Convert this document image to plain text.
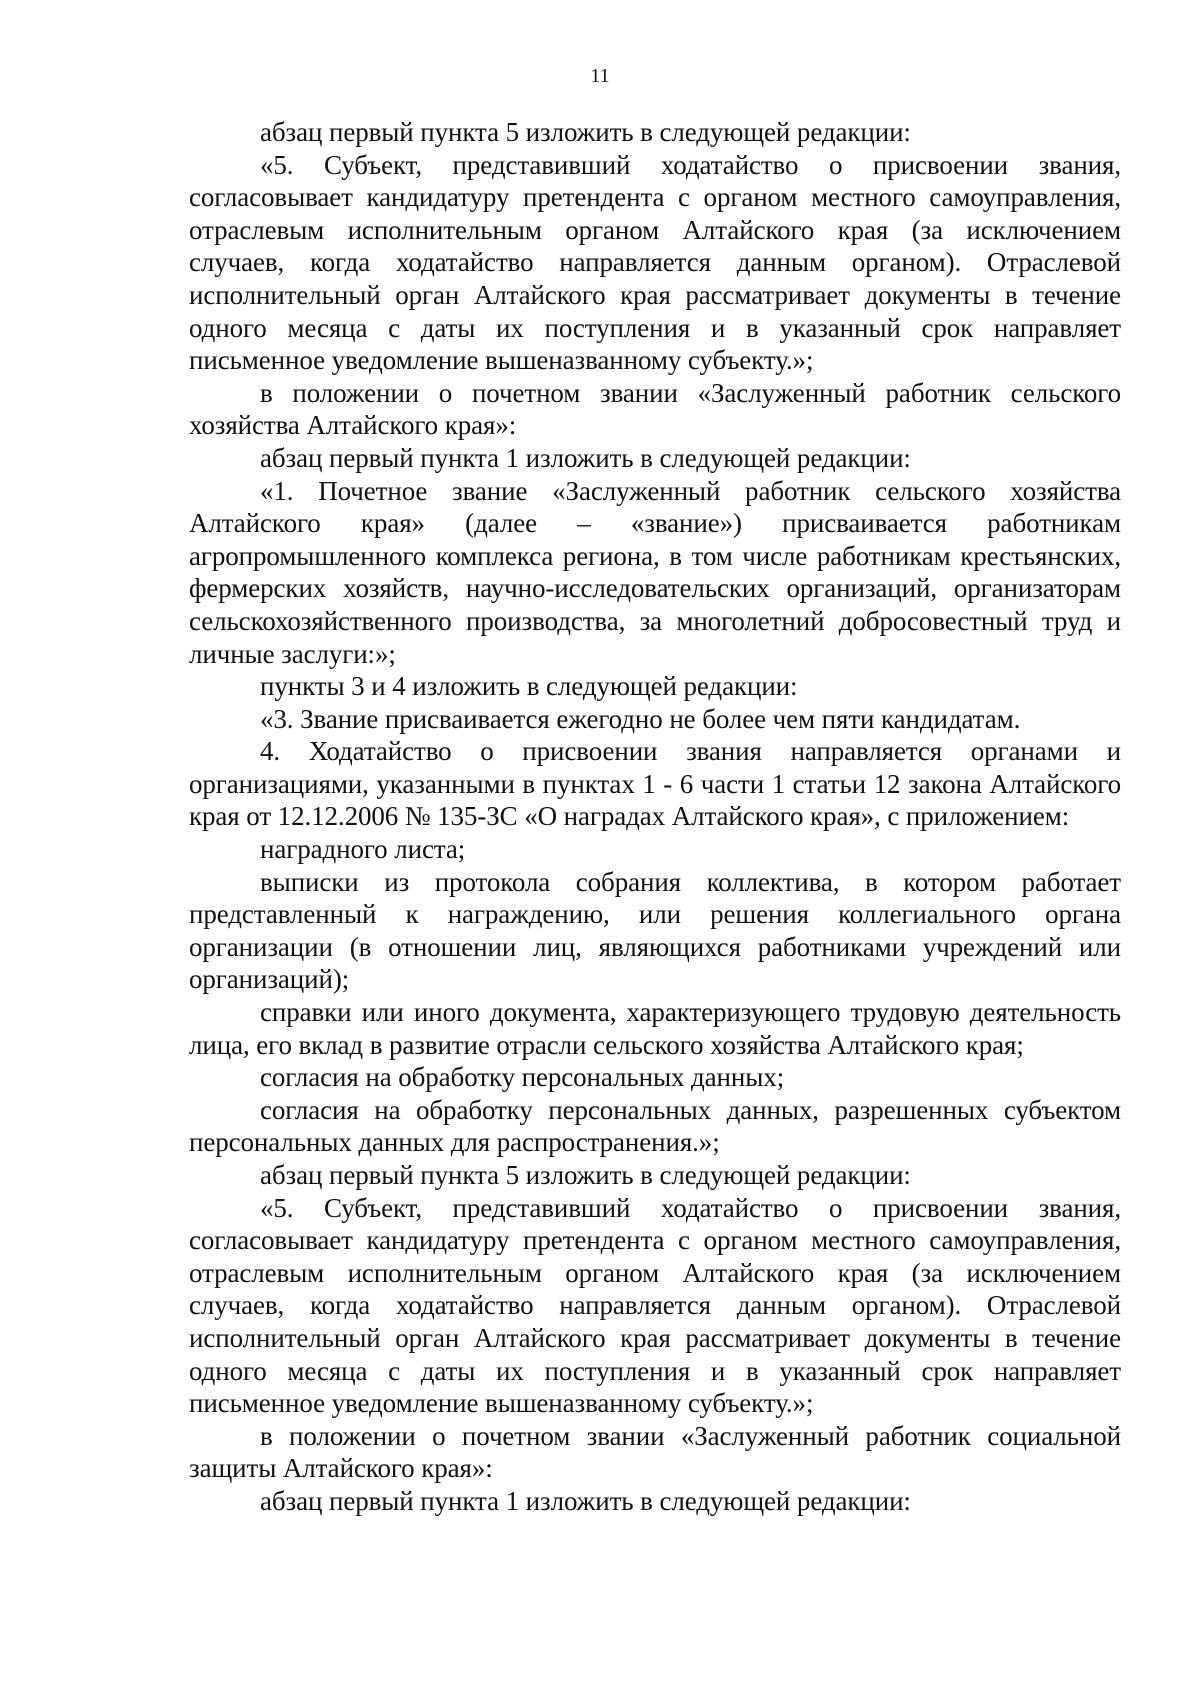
11

абзац первый пункта 5 изложить в следующей редакции:

«5. Субъект, представивший ходатайство о присвоении звания, согласовывает кандидатуру претендента с органом местного самоуправления, отраслевым исполнительным органом Алтайского края (за исключением случаев, когда ходатайство направляется данным органом). Отраслевой исполнительный орган Алтайского края рассматривает документы в течение одного месяца с даты их поступления и в указанный срок направляет письменное уведомление вышеназванному субъекту.»;

в положении о почетном звании «Заслуженный работник сельского хозяйства Алтайского края»:

абзац первый пункта 1 изложить в следующей редакции:

«1. Почетное звание «Заслуженный работник сельского хозяйства Алтайского края» (далее – «звание») присваивается работникам агропромышленного комплекса региона, в том числе работникам крестьянских, фермерских хозяйств, научно-исследовательских организаций, организаторам сельскохозяйственного производства, за многолетний добросовестный труд и личные заслуги:»;

пункты 3 и 4 изложить в следующей редакции:

«3. Звание присваивается ежегодно не более чем пяти кандидатам.

4. Ходатайство о присвоении звания направляется органами и организациями, указанными в пунктах 1 - 6 части 1 статьи 12 закона Алтайского края от 12.12.2006 № 135-ЗС «О наградах Алтайского края», с приложением:

наградного листа;

выписки из протокола собрания коллектива, в котором работает представленный к награждению, или решения коллегиального органа организации (в отношении лиц, являющихся работниками учреждений или организаций);

справки или иного документа, характеризующего трудовую деятельность лица, его вклад в развитие отрасли сельского хозяйства Алтайского края;

согласия на обработку персональных данных;

согласия на обработку персональных данных, разрешенных субъектом персональных данных для распространения.»;

абзац первый пункта 5 изложить в следующей редакции:

«5. Субъект, представивший ходатайство о присвоении звания, согласовывает кандидатуру претендента с органом местного самоуправления, отраслевым исполнительным органом Алтайского края (за исключением случаев, когда ходатайство направляется данным органом). Отраслевой исполнительный орган Алтайского края рассматривает документы в течение одного месяца с даты их поступления и в указанный срок направляет письменное уведомление вышеназванному субъекту.»;

в положении о почетном звании «Заслуженный работник социальной защиты Алтайского края»:

абзац первый пункта 1 изложить в следующей редакции:
